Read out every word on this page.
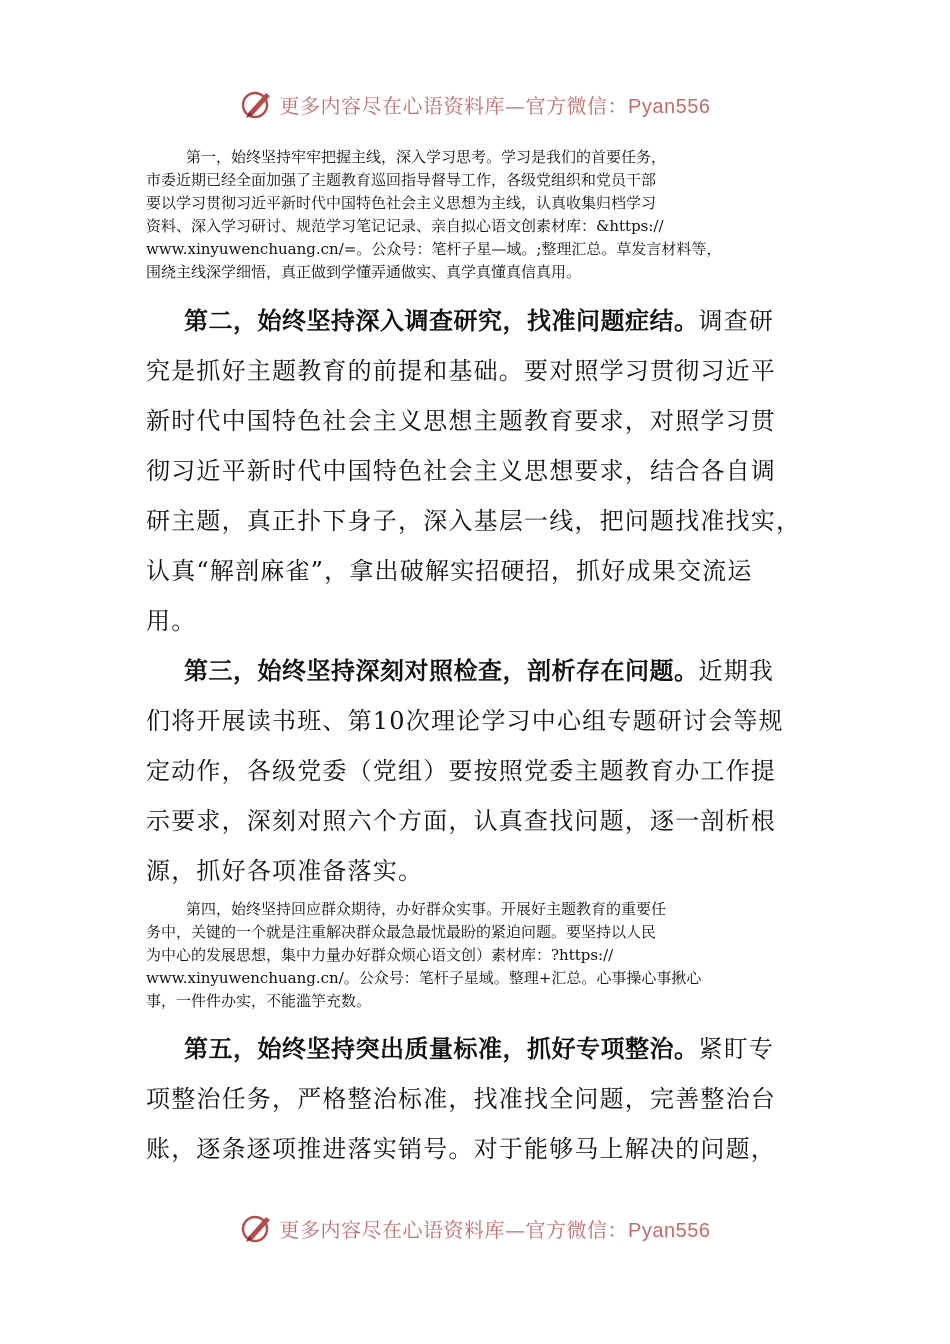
更多内容尽在心语资料库—官方微信：Pyan556
第一，始终坚持牢牢把握主线，深入学习思考。学习是我们的首要任务，
市委近期已经全面加强了主题教育巡回指导督导工作，各级党组织和党员干部
要以学习贯彻习近平新时代中国特色社会主义思想为主线，认真收集归档学习
资料、深入学习研讨、规范学习笔记记录、亲自拟心语文创素材库：&https://
www.xinyuwenchuang.cn/=。公众号：笔杆子星—域。;整理汇总。草发言材料等，
围绕主线深学细悟，真正做到学懂弄通做实、真学真懂真信真用。
第二，始终坚持深入调查研究，找准问题症结。调查研
究是抓好主题教育的前提和基础。要对照学习贯彻习近平
新时代中国特色社会主义思想主题教育要求，对照学习贯
彻习近平新时代中国特色社会主义思想要求，结合各自调
研主题，真正扑下身子，深入基层一线，把问题找准找实，
认真“解剖麻雀”，拿出破解实招硬招，抓好成果交流运
用。
第三，始终坚持深刻对照检查，剖析存在问题。近期我
们将开展读书班、第10次理论学习中心组专题研讨会等规
定动作，各级党委（党组）要按照党委主题教育办工作提
示要求，深刻对照六个方面，认真查找问题，逐一剖析根
源，抓好各项准备落实。
第四，始终坚持回应群众期待，办好群众实事。开展好主题教育的重要任
务中，关键的一个就是注重解决群众最急最忧最盼的紧迫问题。要坚持以人民
为中心的发展思想，集中力量办好群众烦心语文创）素材库：?https://
www.xinyuwenchuang.cn/。公众号：笔杆子星域。整理+汇总。心事操心事揪心
事，一件件办实，不能滥竽充数。
第五，始终坚持突出质量标准，抓好专项整治。紧盯专
项整治任务，严格整治标准，找准找全问题，完善整治台
账，逐条逐项推进落实销号。对于能够马上解决的问题，
更多内容尽在心语资料库—官方微信：Pyan556
